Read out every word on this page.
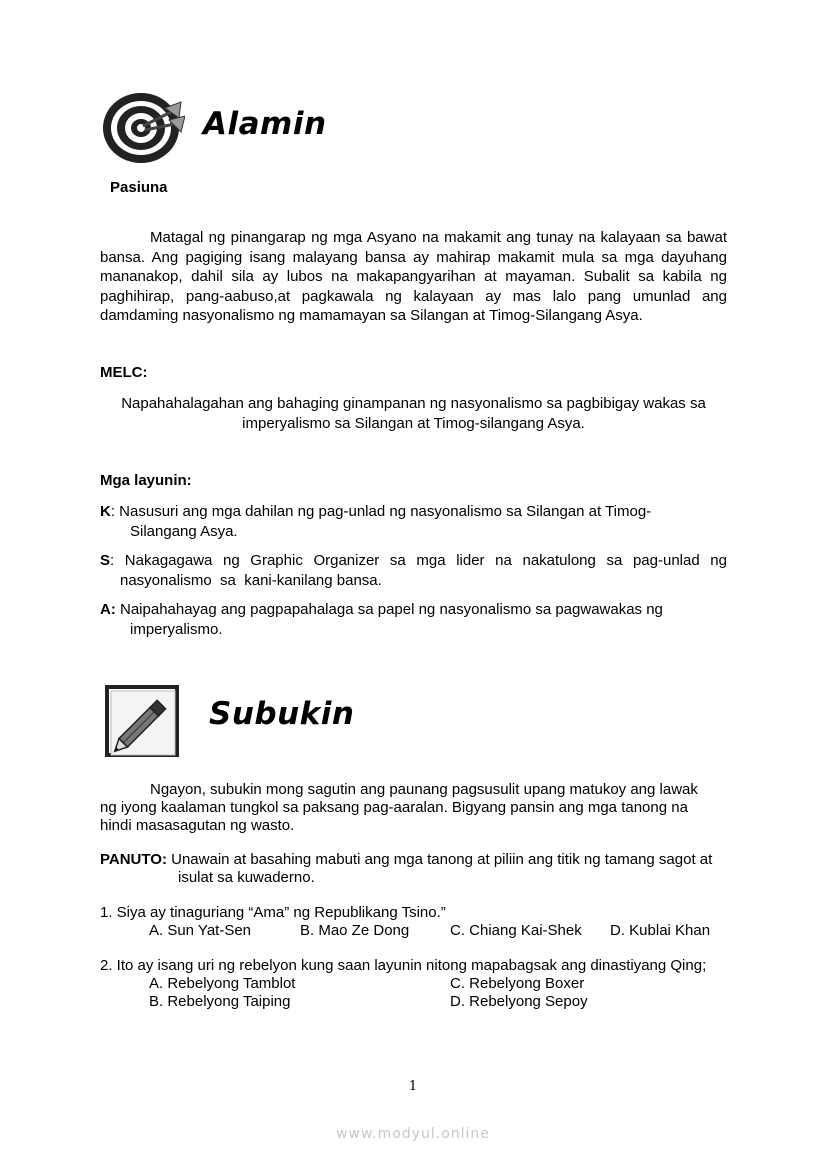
Alamin
Pasiuna
Matagal ng pinangarap ng mga Asyano na makamit ang tunay na kalayaan sa bawat bansa. Ang pagiging isang malayang bansa ay mahirap makamit mula sa mga dayuhang mananakop, dahil sila ay lubos na makapangyarihan at mayaman. Subalit sa kabila ng paghihirap, pang-aabuso,at pagkawala ng kalayaan ay mas lalo pang umunlad ang damdaming nasyonalismo ng mamamayan sa Silangan at Timog-Silangang Asya.
MELC:
Napahahalagahan ang bahaging ginampanan ng nasyonalismo sa pagbibigay wakas sa
imperyalismo sa Silangan at Timog-silangang Asya.
Mga layunin:
K: Nasusuri ang mga dahilan ng pag-unlad ng nasyonalismo sa Silangan at Timog-
Silangang Asya.
S: Nakagagawa ng Graphic Organizer sa mga lider na nakatulong sa pag-unlad ng
nasyonalismo  sa  kani-kanilang bansa.
A: Naipahahayag ang pagpapahalaga sa papel ng nasyonalismo sa pagwawakas ng
imperyalismo.
Subukin
Ngayon, subukin mong sagutin ang paunang pagsusulit upang matukoy ang lawak
ng iyong kaalaman tungkol sa paksang pag-aaralan. Bigyang pansin ang mga tanong na
hindi masasagutan ng wasto.
PANUTO: Unawain at basahing mabuti ang mga tanong at piliin ang titik ng tamang sagot at
isulat sa kuwaderno.
1. Siya ay tinaguriang “Ama” ng Republikang Tsino.”
A. Sun Yat-Sen	B. Mao Ze Dong	C. Chiang Kai-Shek D. Kublai Khan
2. Ito ay isang uri ng rebelyon kung saan layunin nitong mapabagsak ang dinastiyang Qing;
A. Rebelyong Tamblot	C. Rebelyong Boxer
B. Rebelyong Taiping	D. Rebelyong Sepoy
1
www.modyul.online
